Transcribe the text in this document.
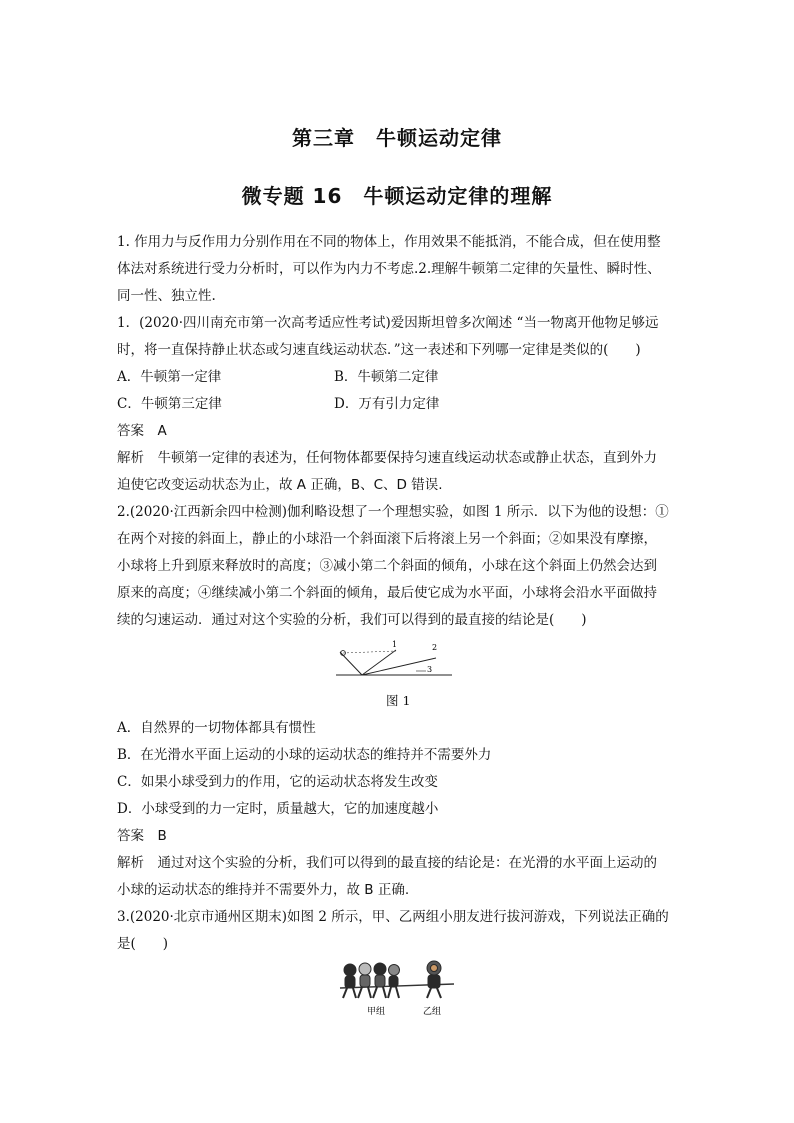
第三章　牛顿运动定律
微专题 16　牛顿运动定律的理解
1. 作用力与反作用力分别作用在不同的物体上，作用效果不能抵消，不能合成，但在使用整
体法对系统进行受力分析时，可以作为内力不考虑.2.理解牛顿第二定律的矢量性、瞬时性、
同一性、独立性.
1．(2020·四川南充市第一次高考适应性考试)爱因斯坦曾多次阐述 “当一物离开他物足够远
时，将一直保持静止状态或匀速直线运动状态．”这一表述和下列哪一定律是类似的(　　)
A．牛顿第一定律	B．牛顿第二定律
C．牛顿第三定律	D．万有引力定律
答案　A
解析　牛顿第一定律的表述为，任何物体都要保持匀速直线运动状态或静止状态，直到外力
迫使它改变运动状态为止，故 A 正确，B、C、D 错误.
2.(2020·江西新余四中检测)伽利略设想了一个理想实验，如图 1 所示．以下为他的设想：①
在两个对接的斜面上，静止的小球沿一个斜面滚下后将滚上另一个斜面；②如果没有摩擦，
小球将上升到原来释放时的高度；③减小第二个斜面的倾角，小球在这个斜面上仍然会达到
原来的高度；④继续减小第二个斜面的倾角，最后使它成为水平面，小球将会沿水平面做持
续的匀速运动．通过对这个实验的分析，我们可以得到的最直接的结论是(　　)
1	2
3
图 1
A．自然界的一切物体都具有惯性
B．在光滑水平面上运动的小球的运动状态的维持并不需要外力
C．如果小球受到力的作用，它的运动状态将发生改变
D．小球受到的力一定时，质量越大，它的加速度越小
答案　B
解析　通过对这个实验的分析，我们可以得到的最直接的结论是：在光滑的水平面上运动的
小球的运动状态的维持并不需要外力，故 B 正确.
3.(2020·北京市通州区期末)如图 2 所示，甲、乙两组小朋友进行拔河游戏，下列说法正确的
是(　　)
甲组	乙组
